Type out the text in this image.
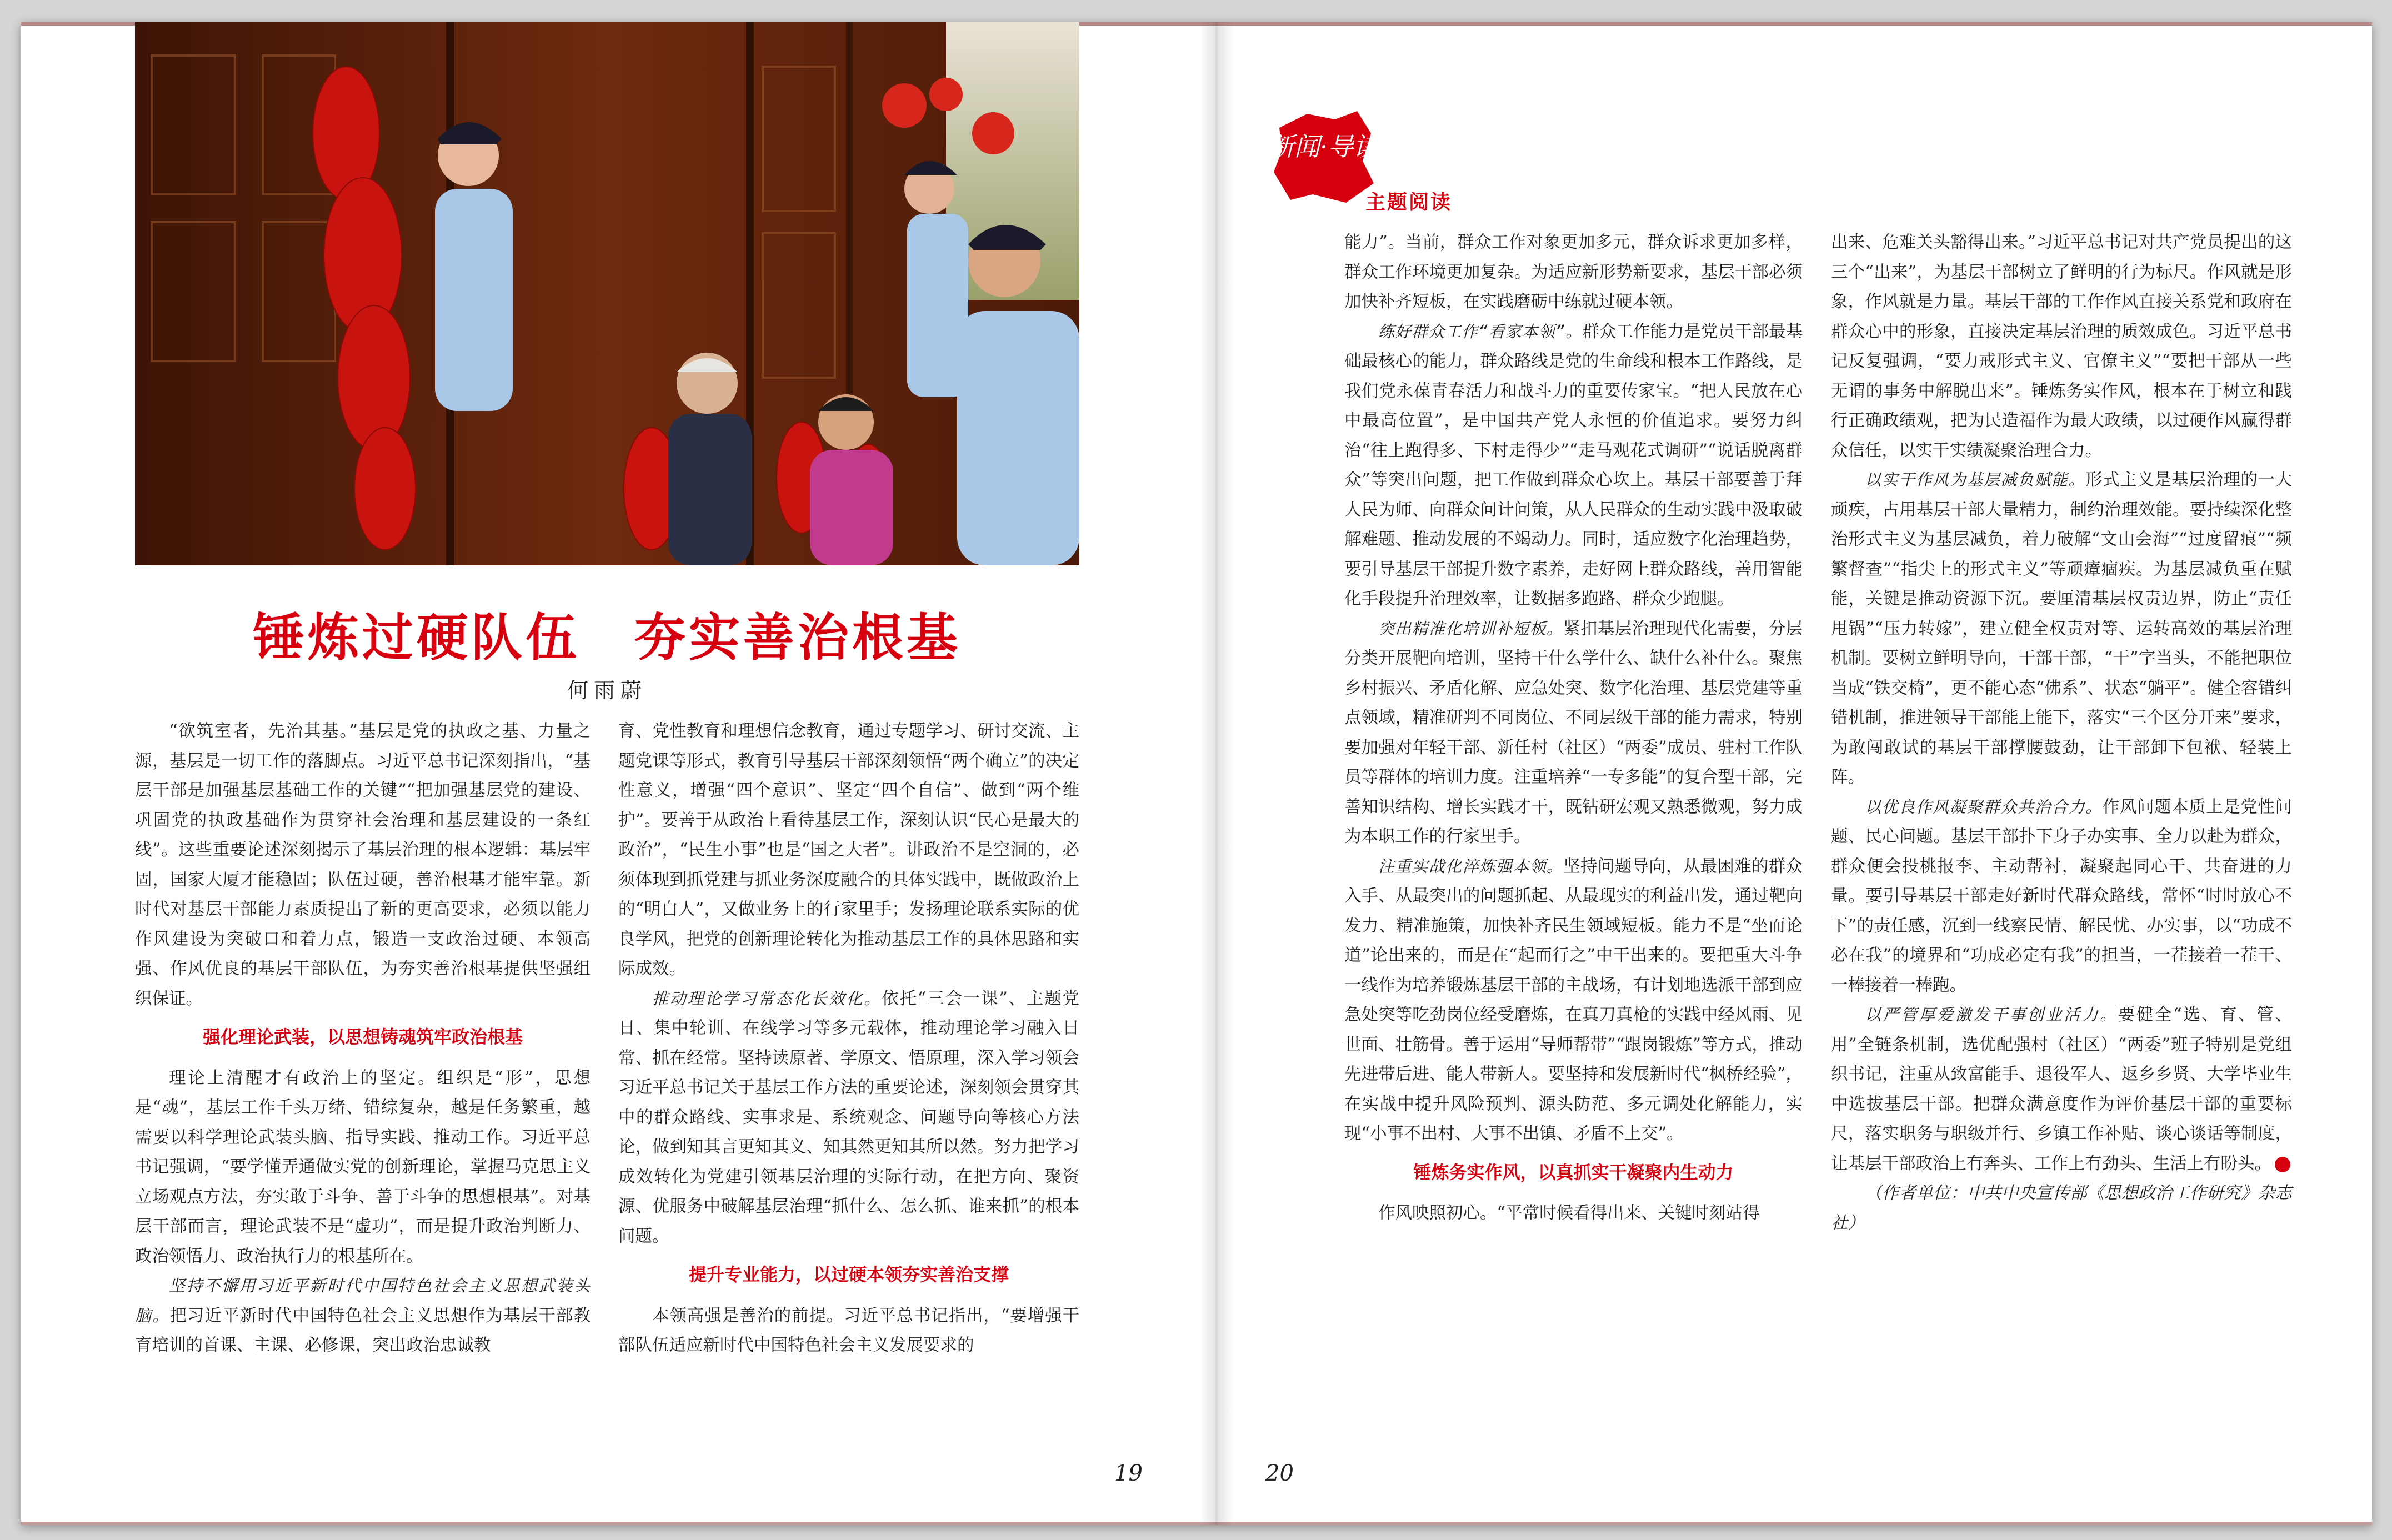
锤炼过硬队伍　夯实善治根基
何雨蔚

“欲筑室者，先治其基。”基层是党的执政之基、力量之源，基层是一切工作的落脚点。习近平总书记深刻指出，“基层干部是加强基层基础工作的关键”“把加强基层党的建设、巩固党的执政基础作为贯穿社会治理和基层建设的一条红线”。这些重要论述深刻揭示了基层治理的根本逻辑：基层牢固，国家大厦才能稳固；队伍过硬，善治根基才能牢靠。新时代对基层干部能力素质提出了新的更高要求，必须以能力作风建设为突破口和着力点，锻造一支政治过硬、本领高强、作风优良的基层干部队伍，为夯实善治根基提供坚强组织保证。

强化理论武装，以思想铸魂筑牢政治根基

理论上清醒才有政治上的坚定。组织是“形”，思想是“魂”，基层工作千头万绪、错综复杂，越是任务繁重，越需要以科学理论武装头脑、指导实践、推动工作。习近平总书记强调，“要学懂弄通做实党的创新理论，掌握马克思主义立场观点方法，夯实敢于斗争、善于斗争的思想根基”。对基层干部而言，理论武装不是“虚功”，而是提升政治判断力、政治领悟力、政治执行力的根基所在。

坚持不懈用习近平新时代中国特色社会主义思想武装头脑。把习近平新时代中国特色社会主义思想作为基层干部教育培训的首课、主课、必修课，突出政治忠诚教

育、党性教育和理想信念教育，通过专题学习、研讨交流、主题党课等形式，教育引导基层干部深刻领悟“两个确立”的决定性意义，增强“四个意识”、坚定“四个自信”、做到“两个维护”。要善于从政治上看待基层工作，深刻认识“民心是最大的政治”，“民生小事”也是“国之大者”。讲政治不是空洞的，必须体现到抓党建与抓业务深度融合的具体实践中，既做政治上的“明白人”，又做业务上的行家里手；发扬理论联系实际的优良学风，把党的创新理论转化为推动基层工作的具体思路和实际成效。

推动理论学习常态化长效化。依托“三会一课”、主题党日、集中轮训、在线学习等多元载体，推动理论学习融入日常、抓在经常。坚持读原著、学原文、悟原理，深入学习领会习近平总书记关于基层工作方法的重要论述，深刻领会贯穿其中的群众路线、实事求是、系统观念、问题导向等核心方法论，做到知其言更知其义、知其然更知其所以然。努力把学习成效转化为党建引领基层治理的实际行动，在把方向、聚资源、优服务中破解基层治理“抓什么、怎么抓、谁来抓”的根本问题。

提升专业能力，以过硬本领夯实善治支撑

本领高强是善治的前提。习近平总书记指出，“要增强干部队伍适应新时代中国特色社会主义发展要求的

新闻·导读
主题阅读

能力”。当前，群众工作对象更加多元，群众诉求更加多样，群众工作环境更加复杂。为适应新形势新要求，基层干部必须加快补齐短板，在实践磨砺中练就过硬本领。

练好群众工作“看家本领”。群众工作能力是党员干部最基础最核心的能力，群众路线是党的生命线和根本工作路线，是我们党永葆青春活力和战斗力的重要传家宝。“把人民放在心中最高位置”，是中国共产党人永恒的价值追求。要努力纠治“往上跑得多、下村走得少”“走马观花式调研”“说话脱离群众”等突出问题，把工作做到群众心坎上。基层干部要善于拜人民为师、向群众问计问策，从人民群众的生动实践中汲取破解难题、推动发展的不竭动力。同时，适应数字化治理趋势，要引导基层干部提升数字素养，走好网上群众路线，善用智能化手段提升治理效率，让数据多跑路、群众少跑腿。

突出精准化培训补短板。紧扣基层治理现代化需要，分层分类开展靶向培训，坚持干什么学什么、缺什么补什么。聚焦乡村振兴、矛盾化解、应急处突、数字化治理、基层党建等重点领域，精准研判不同岗位、不同层级干部的能力需求，特别要加强对年轻干部、新任村（社区）“两委”成员、驻村工作队员等群体的培训力度。注重培养“一专多能”的复合型干部，完善知识结构、增长实践才干，既钻研宏观又熟悉微观，努力成为本职工作的行家里手。

注重实战化淬炼强本领。坚持问题导向，从最困难的群众入手、从最突出的问题抓起、从最现实的利益出发，通过靶向发力、精准施策，加快补齐民生领域短板。能力不是“坐而论道”论出来的，而是在“起而行之”中干出来的。要把重大斗争一线作为培养锻炼基层干部的主战场，有计划地选派干部到应急处突等吃劲岗位经受磨炼，在真刀真枪的实践中经风雨、见世面、壮筋骨。善于运用“导师帮带”“跟岗锻炼”等方式，推动先进带后进、能人带新人。要坚持和发展新时代“枫桥经验”，在实战中提升风险预判、源头防范、多元调处化解能力，实现“小事不出村、大事不出镇、矛盾不上交”。

锤炼务实作风，以真抓实干凝聚内生动力

作风映照初心。“平常时候看得出来、关键时刻站得

出来、危难关头豁得出来。”习近平总书记对共产党员提出的这三个“出来”，为基层干部树立了鲜明的行为标尺。作风就是形象，作风就是力量。基层干部的工作作风直接关系党和政府在群众心中的形象，直接决定基层治理的质效成色。习近平总书记反复强调，“要力戒形式主义、官僚主义”“要把干部从一些无谓的事务中解脱出来”。锤炼务实作风，根本在于树立和践行正确政绩观，把为民造福作为最大政绩，以过硬作风赢得群众信任，以实干实绩凝聚治理合力。

以实干作风为基层减负赋能。形式主义是基层治理的一大顽疾，占用基层干部大量精力，制约治理效能。要持续深化整治形式主义为基层减负，着力破解“文山会海”“过度留痕”“频繁督查”“指尖上的形式主义”等顽瘴痼疾。为基层减负重在赋能，关键是推动资源下沉。要厘清基层权责边界，防止“责任甩锅”“压力转嫁”，建立健全权责对等、运转高效的基层治理机制。要树立鲜明导向，干部干部，“干”字当头，不能把职位当成“铁交椅”，更不能心态“佛系”、状态“躺平”。健全容错纠错机制，推进领导干部能上能下，落实“三个区分开来”要求，为敢闯敢试的基层干部撑腰鼓劲，让干部卸下包袱、轻装上阵。

以优良作风凝聚群众共治合力。作风问题本质上是党性问题、民心问题。基层干部扑下身子办实事、全力以赴为群众，群众便会投桃报李、主动帮衬，凝聚起同心干、共奋进的力量。要引导基层干部走好新时代群众路线，常怀“时时放心不下”的责任感，沉到一线察民情、解民忧、办实事，以“功成不必在我”的境界和“功成必定有我”的担当，一茬接着一茬干、一棒接着一棒跑。

以严管厚爱激发干事创业活力。要健全“选、育、管、用”全链条机制，选优配强村（社区）“两委”班子特别是党组织书记，注重从致富能手、退役军人、返乡乡贤、大学毕业生中选拔基层干部。把群众满意度作为评价基层干部的重要标尺，落实职务与职级并行、乡镇工作补贴、谈心谈话等制度，让基层干部政治上有奔头、工作上有劲头、生活上有盼头。

（作者单位：中共中央宣传部《思想政治工作研究》杂志社）

19	20
